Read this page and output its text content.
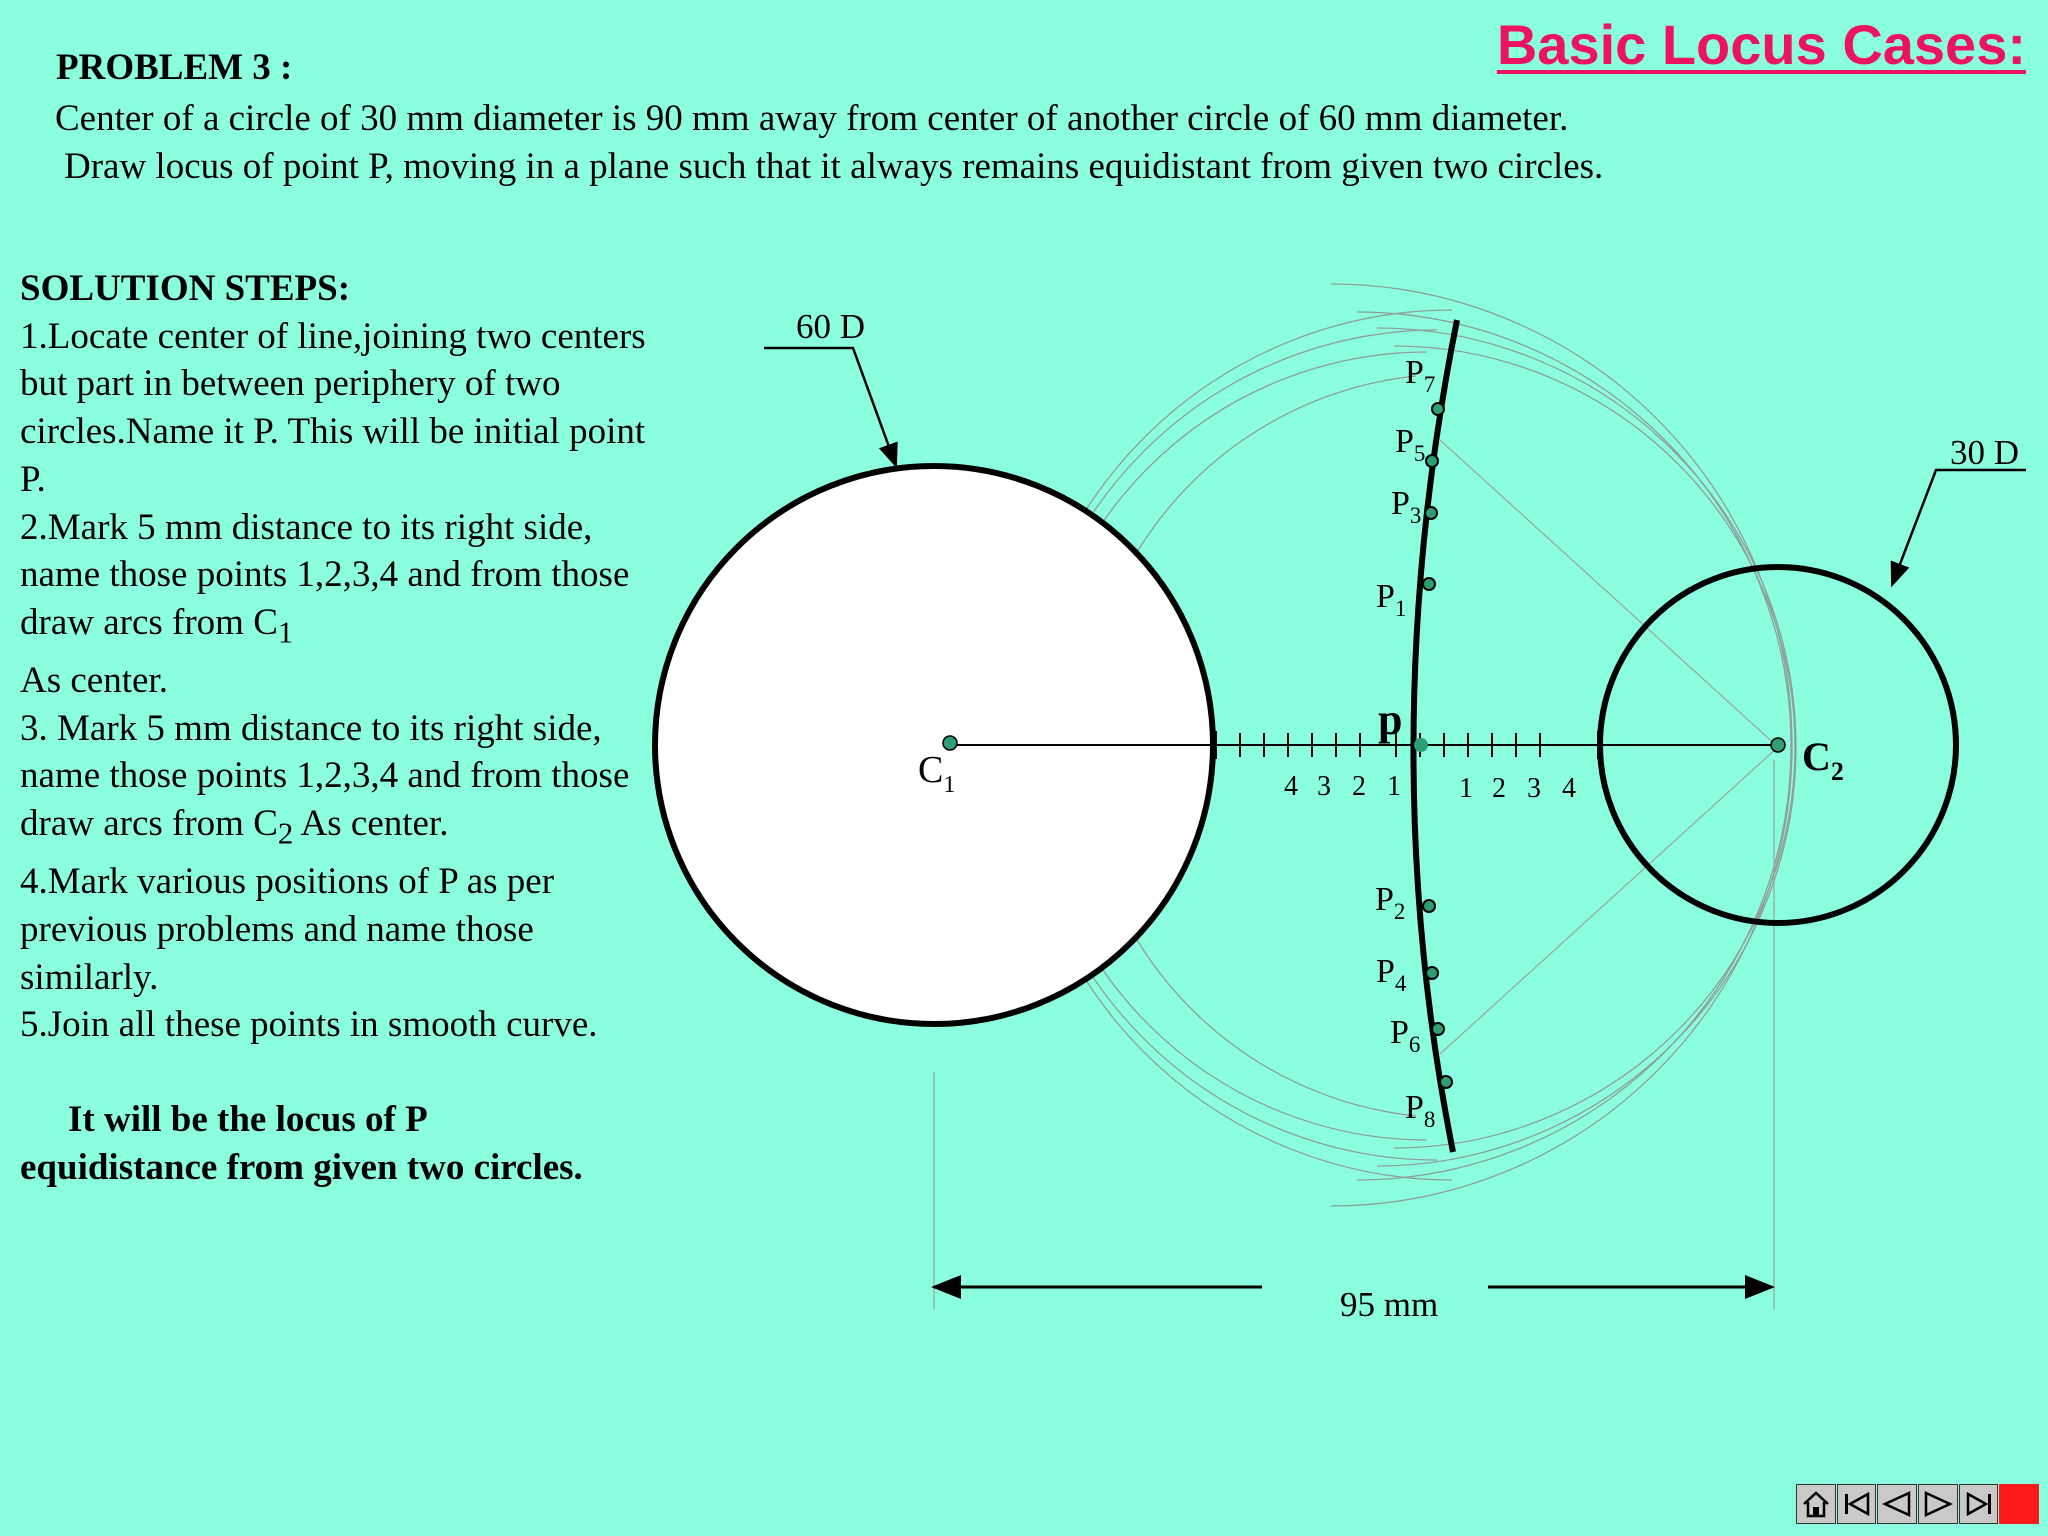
Basic Locus Cases:
PROBLEM 3 :
Center of a circle of 30 mm diameter is 90 mm away from center of another circle of 60 mm diameter.
Draw locus of point P, moving in a plane such that it always remains equidistant from given two circles.
SOLUTION STEPS:
1.Locate center of line,joining two centers but part in between periphery of two circles.Name it P. This will be initial point P.
2.Mark 5 mm distance to its right side, name those points 1,2,3,4 and from those draw arcs from $C_1$
As center.
3. Mark 5 mm distance to its right side, name those points 1,2,3,4 and from those draw arcs from $C_2$ As center.
4.Mark various positions of P as per previous problems and name those similarly.
5.Join all these points in smooth curve.
It will be the locus of P
equidistance from given two circles.
60 D
30 D
95 mm
p
$C_1$
$C_2$
4 3 2 1 1 2 3 4
$P_7$
$P_5$
$P_3$
$P_1$
$P_2$
$P_4$
$P_6$
$P_8$
